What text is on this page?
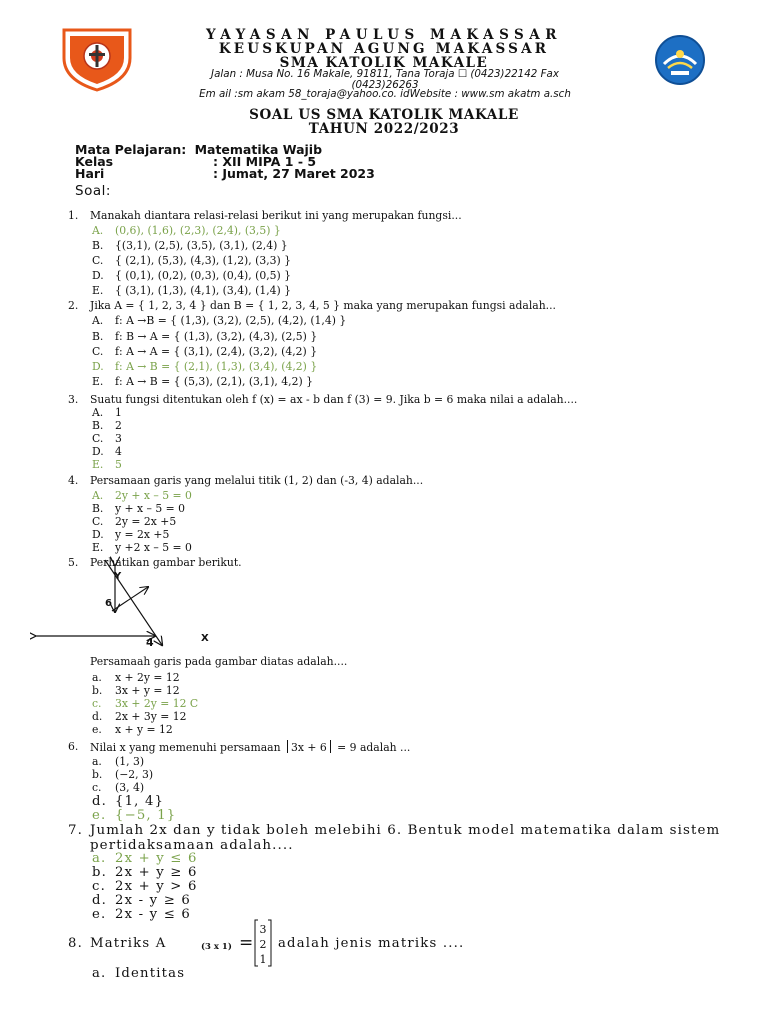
YAYASAN PAULUS MAKASSAR
KEUSKUPAN AGUNG MAKASSAR
SMA KATOLIK MAKALE
Jalan : Musa No. 16 Makale, 91811, Tana Toraja ☐ (0423)22142 Fax
(0423)26263
Em ail :sm akam 58_toraja@yahoo.co. idWebsite : www.sm akatm a.sch
SOAL US SMA KATOLIK MAKALE
TAHUN 2022/2023
Mata Pelajaran: Matematika Wajib
Kelas	: XII MIPA 1 - 5
Hari	: Jumat, 27 Maret 2023
Soal:
1. Manakah diantara relasi-relasi berikut ini yang merupakan fungsi...
A. (0,6), (1,6), (2,3), (2,4), (3,5) }
B. {(3,1), (2,5), (3,5), (3,1), (2,4) }
C. { (2,1), (5,3), (4,3), (1,2), (3,3) }
D. { (0,1), (0,2), (0,3), (0,4), (0,5) }
E. { (3,1), (1,3), (4,1), (3,4), (1,4) }
2. Jika A = { 1, 2, 3, 4 } dan B = { 1, 2, 3, 4, 5 } maka yang merupakan fungsi adalah...
A. f: A →B = { (1,3), (3,2), (2,5), (4,2), (1,4) }
B. f: B → A = { (1,3), (3,2), (4,3), (2,5) }
C. f: A → A = { (3,1), (2,4), (3,2), (4,2) }
D. f: A → B = { (2,1), (1,3), (3,4), (4,2) }
E. f: A → B = { (5,3), (2,1), (3,1), 4,2) }
3. Suatu fungsi ditentukan oleh f (x) = ax - b dan f (3) = 9. Jika b = 6 maka nilai a adalah....
A. 1
B. 2
C. 3
D. 4
E. 5
4. Persamaan garis yang melalui titik (1, 2) dan (-3, 4) adalah...
A. 2y + x – 5 = 0
B. y + x – 5 = 0
C. 2y = 2x +5
D. y = 2x +5
E. y +2 x – 5 = 0
5. Perhatikan gambar berikut.
Y
6
4	X
Persamaah garis pada gambar diatas adalah....
a. x + 2y = 12
b. 3x + y = 12
c. 3x + 2y = 12 C
d. 2x + 3y = 12
e. x + y = 12
6. Nilai x yang memenuhi persamaan 3x + 6 = 9 adalah ...
a. (1, 3)
b. (−2, 3)
c. (3, 4)
d. {1, 4}
e. {−5, 1}
7. Jumlah 2x dan y tidak boleh melebihi 6. Bentuk model matematika dalam sistem pertidaksamaan adalah....
a. 2x + y ≤ 6
b. 2x + y ≥ 6
c. 2x + y > 6
d. 2x - y ≥ 6
e. 2x - y ≤ 6
8. Matriks A	(3 x 1) =
3
2
1
adalah jenis matriks ....
a. Identitas
